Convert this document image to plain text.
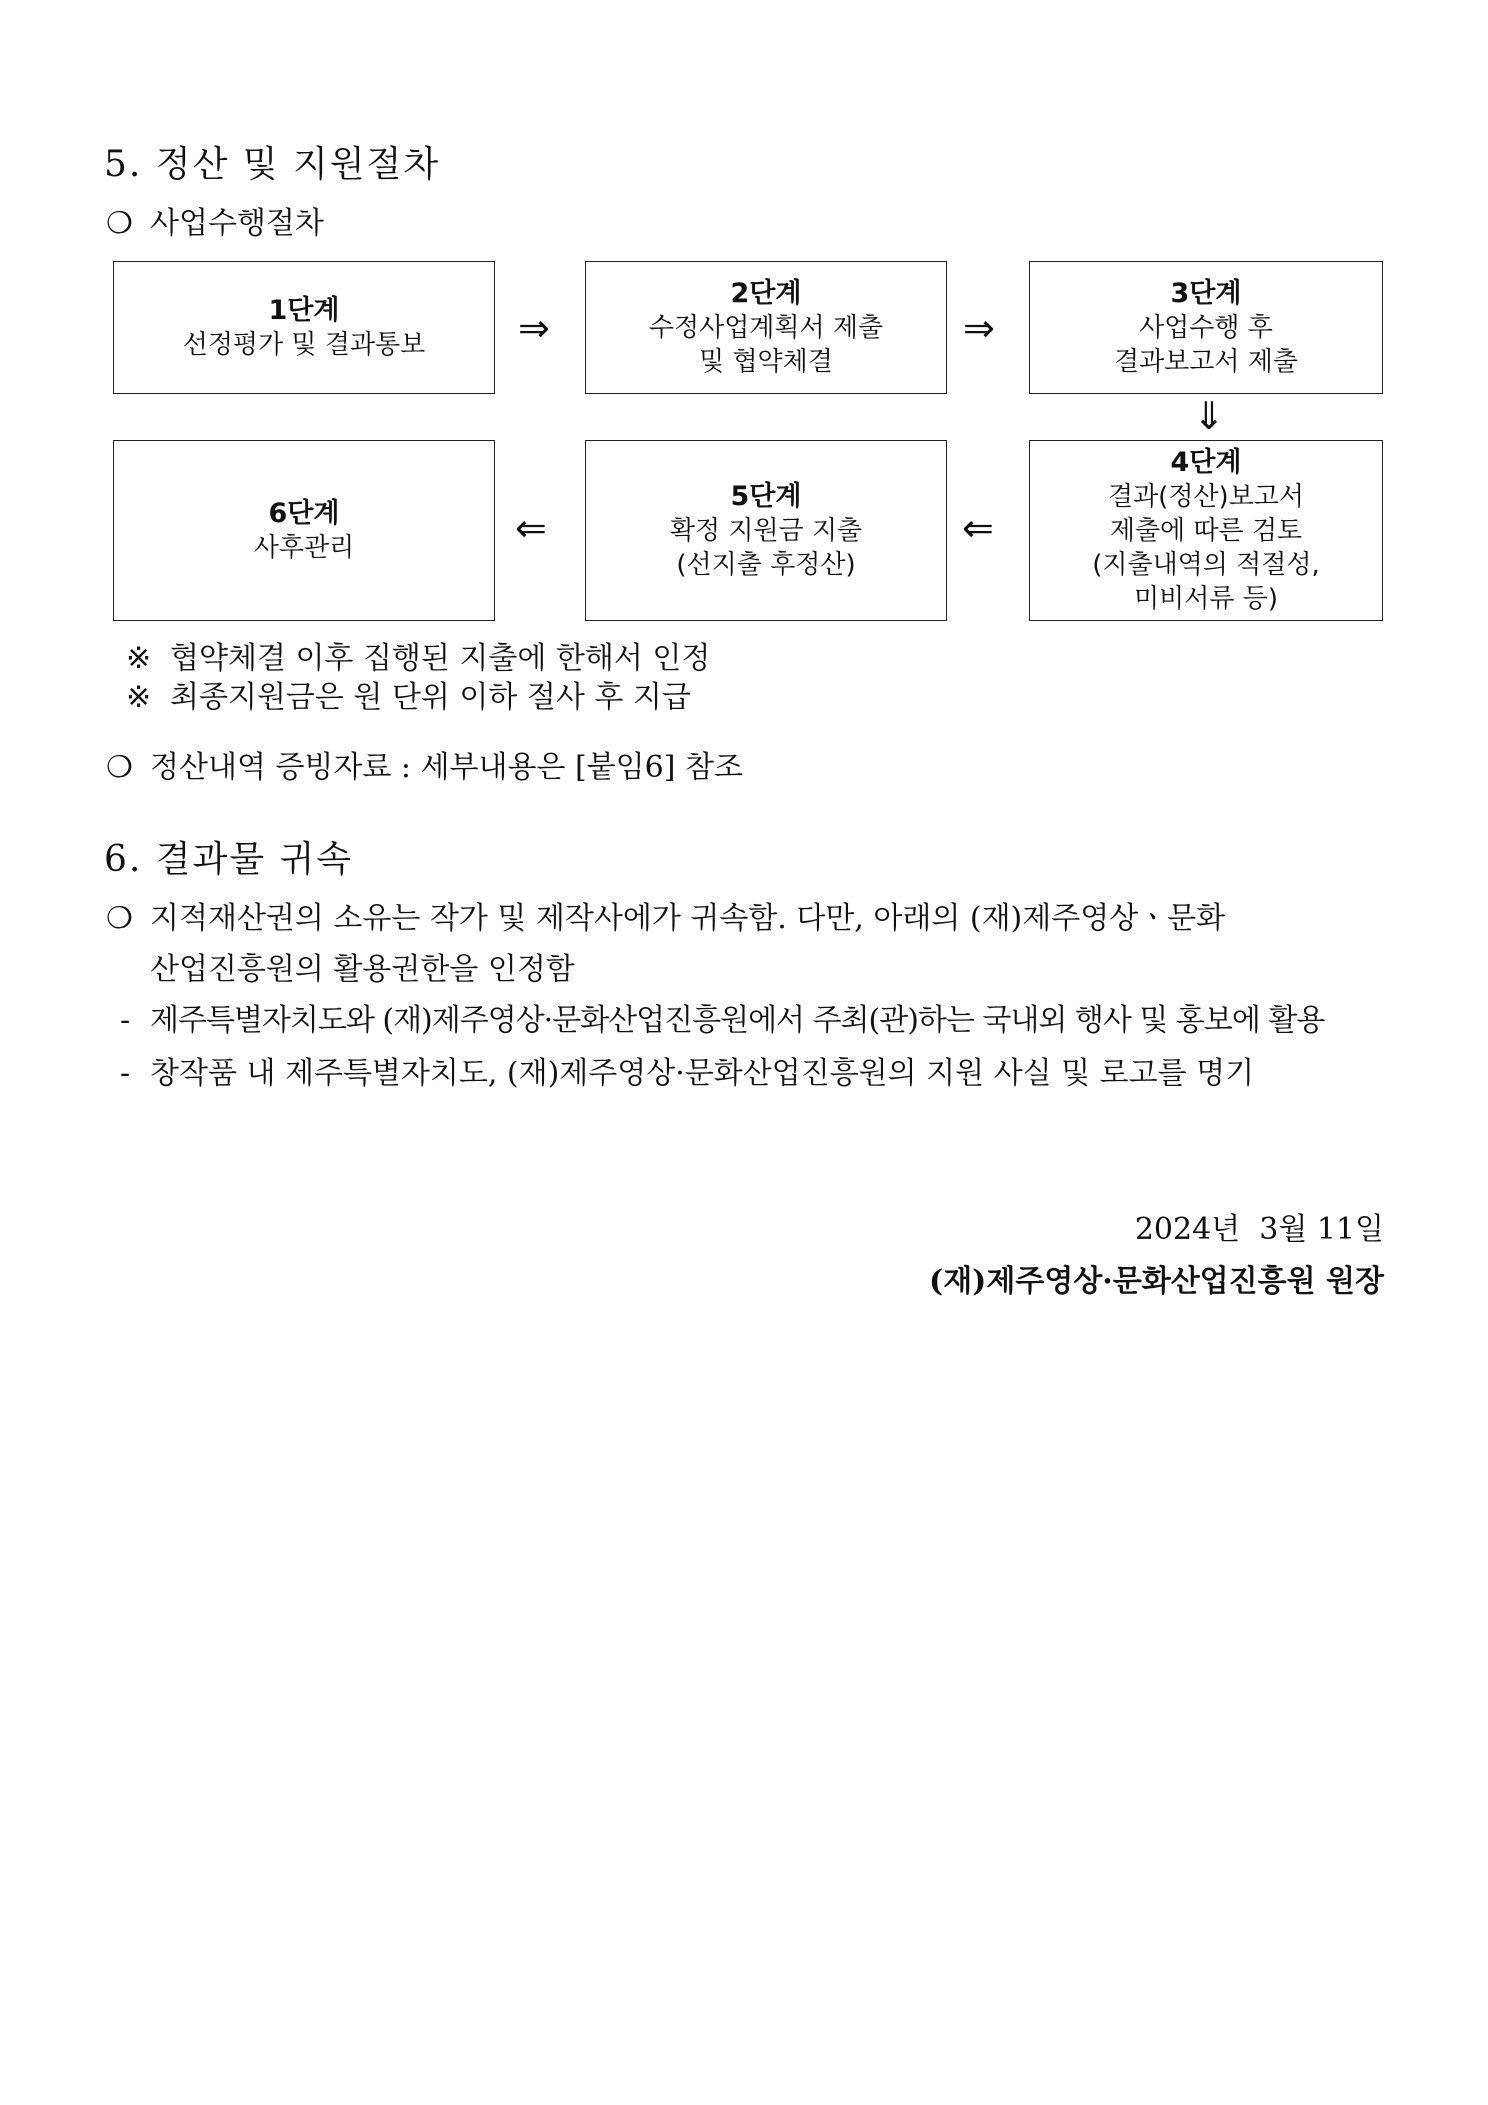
5. 정산 및 지원절차
❍ 사업수행절차
1단계
선정평가 및 결과통보
2단계
수정사업계획서 제출
및 협약체결
3단계
사업수행 후
결과보고서 제출
4단계
결과(정산)보고서
제출에 따른 검토
(지출내역의 적절성,
미비서류 등)
5단계
확정 지원금 지출
(선지출 후정산)
6단계
사후관리
⇒	⇒
⇓
⇐
⇐
※ 협약체결 이후 집행된 지출에 한해서 인정
※ 최종지원금은 원 단위 이하 절사 후 지급
❍ 정산내역 증빙자료 : 세부내용은 [붙임6] 참조
6. 결과물 귀속
❍ 지적재산권의 소유는 작가 및 제작사에가 귀속함. 다만, 아래의 (재)제주영상ㆍ문화
산업진흥원의 활용권한을 인정함
- 제주특별자치도와 (재)제주영상·문화산업진흥원에서 주최(관)하는 국내외 행사 및 홍보에 활용
- 창작품 내 제주특별자치도, (재)제주영상·문화산업진흥원의 지원 사실 및 로고를 명기
2024년  3월 11일
(재)제주영상·문화산업진흥원 원장
